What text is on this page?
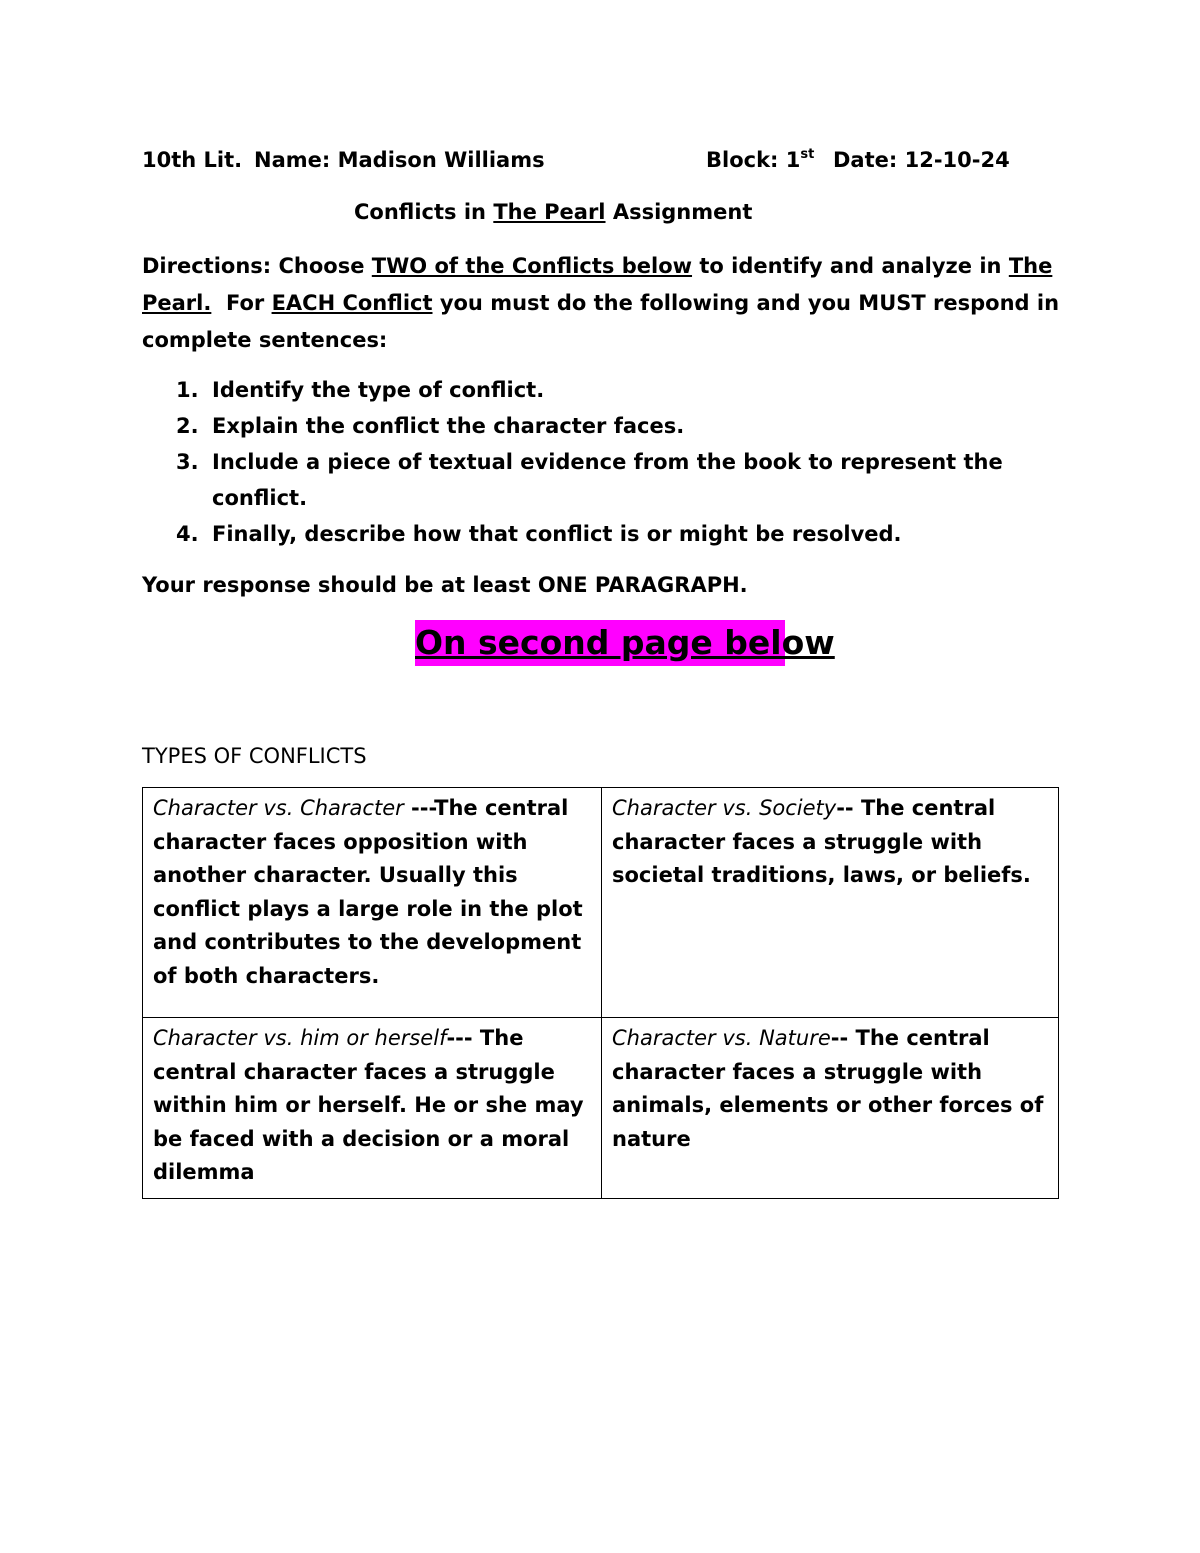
10th Lit. Name: Madison Williams	Block: 1st Date: 12-10-24
Conflicts in The Pearl Assignment
Directions: Choose TWO of the Conflicts below to identify and analyze in The
Pearl. For EACH Conflict you must do the following and you MUST respond in
complete sentences:
1. Identify the type of conflict.
2. Explain the conflict the character faces.
3. Include a piece of textual evidence from the book to represent the conflict.
4. Finally, describe how that conflict is or might be resolved.
Your response should be at least ONE PARAGRAPH.
On second page below
TYPES OF CONFLICTS
Character vs. Character ---The central character faces opposition with another character. Usually this conflict plays a large role in the plot and contributes to the development of both characters.	Character vs. Society-- The central character faces a struggle with societal traditions, laws, or beliefs.
Character vs. him or herself--- The central character faces a struggle within him or herself. He or she may be faced with a decision or a moral dilemma	Character vs. Nature-- The central character faces a struggle with animals, elements or other forces of nature
